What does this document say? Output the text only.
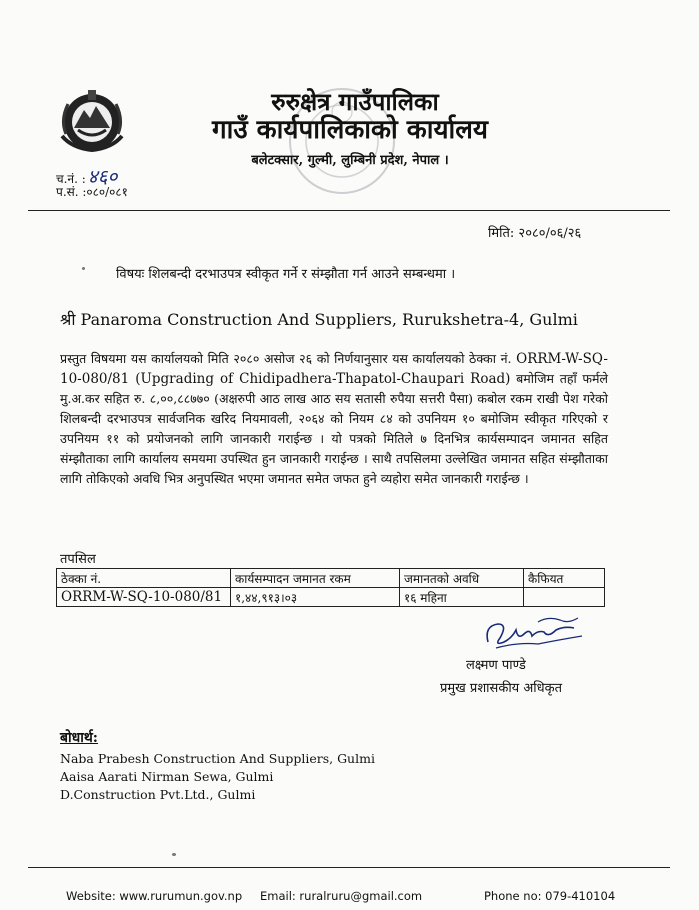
रुरुक्षेत्र गाउँपालिका
गाउँ कार्यपालिकाको कार्यालय
बलेटक्सार, गुल्मी, लुम्बिनी प्रदेश, नेपाल ।
च.नं. : ४६०
प.सं. :०८०/०८१
मिति: २०८०/०६/२६
विषयः शिलबन्दी दरभाउपत्र स्वीकृत गर्ने र संम्झौता गर्न आउने सम्बन्धमा ।
श्री Panaroma Construction And Suppliers, Rurukshetra-4, Gulmi
प्रस्तुत विषयमा यस कार्यालयको मिति २०८० असोज २६ को निर्णयानुसार यस कार्यालयको ठेक्का नं. ORRM-W-SQ-10-080/81 (Upgrading of Chidipadhera-Thapatol-Chaupari Road) बमोजिम तहाँ फर्मले मु.अ.कर सहित रु. ८,००,८८७७० (अक्षरुपी आठ लाख आठ सय सतासी रुपैया सत्तरी पैसा) कबोल रकम राखी पेश गरेको शिलबन्दी दरभाउपत्र सार्वजनिक खरिद नियमावली, २०६४ को नियम ८४ को उपनियम १० बमोजिम स्वीकृत गरिएको र उपनियम ११ को प्रयोजनको लागि जानकारी गराईन्छ । यो पत्रको मितिले ७ दिनभित्र कार्यसम्पादन जमानत सहित संम्झौताका लागि कार्यालय समयमा उपस्थित हुन जानकारी गराईन्छ । साथै तपसिलमा उल्लेखित जमानत सहित संम्झौताका लागि तोकिएको अवधि भित्र अनुपस्थित भएमा जमानत समेत जफत हुने व्यहोरा समेत जानकारी गराईन्छ ।
तपसिल
ठेक्का नं.	कार्यसम्पादन जमानत रकम	जमानतको अवधि	कैफियत
ORRM-W-SQ-10-080/81	१,४४,९१३।०३	१६ महिना	
लक्ष्मण पाण्डे
प्रमुख प्रशासकीय अधिकृत
बोधार्थ:
Naba Prabesh Construction And Suppliers, Gulmi
Aaisa Aarati Nirman Sewa, Gulmi
D.Construction Pvt.Ltd., Gulmi
Website: www.rurumun.gov.np Email: ruralruru@gmail.com	Phone no: 079-410104
